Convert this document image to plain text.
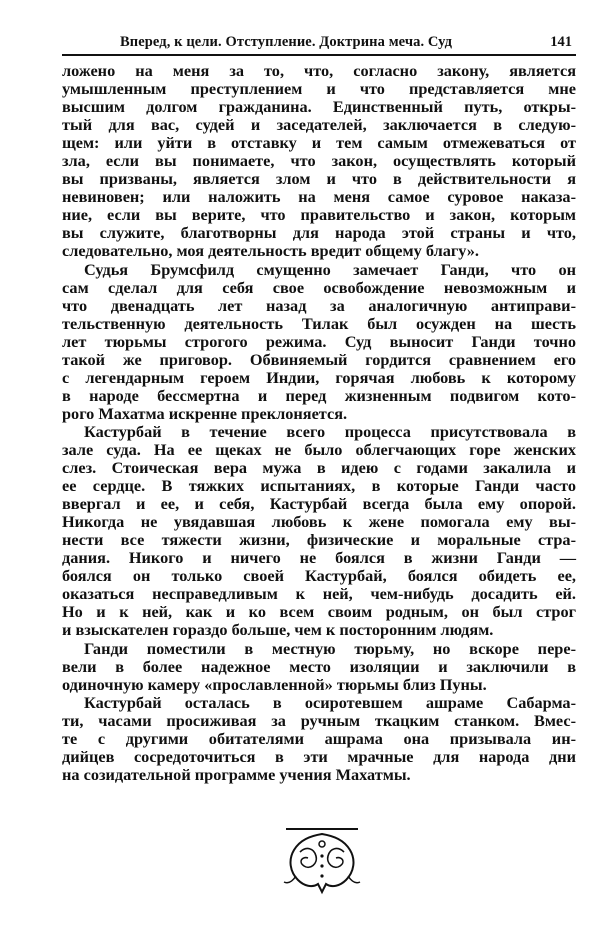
Вперед, к цели. Отступление. Доктрина меча. Суд	141
ложено на меня за то, что, согласно закону, является
умышленным преступлением и что представляется мне
высшим долгом гражданина. Единственный путь, откры-
тый для вас, судей и заседателей, заключается в следую-
щем: или уйти в отставку и тем самым отмежеваться от
зла, если вы понимаете, что закон, осуществлять который
вы призваны, является злом и что в действительности я
невиновен; или наложить на меня самое суровое наказа-
ние, если вы верите, что правительство и закон, которым
вы служите, благотворны для народа этой страны и что,
следовательно, моя деятельность вредит общему благу».
Судья Брумсфилд смущенно замечает Ганди, что он
сам сделал для себя свое освобождение невозможным и
что двенадцать лет назад за аналогичную антиправи-
тельственную деятельность Тилак был осужден на шесть
лет тюрьмы строгого режима. Суд выносит Ганди точно
такой же приговор. Обвиняемый гордится сравнением его
с легендарным героем Индии, горячая любовь к которому
в народе бессмертна и перед жизненным подвигом кото-
рого Махатма искренне преклоняется.
Кастурбай в течение всего процесса присутствовала в
зале суда. На ее щеках не было облегчающих горе женских
слез. Стоическая вера мужа в идею с годами закалила и
ее сердце. В тяжких испытаниях, в которые Ганди часто
ввергал и ее, и себя, Кастурбай всегда была ему опорой.
Никогда не увядавшая любовь к жене помогала ему вы-
нести все тяжести жизни, физические и моральные стра-
дания. Никого и ничего не боялся в жизни Ганди —
боялся он только своей Кастурбай, боялся обидеть ее,
оказаться несправедливым к ней, чем-нибудь досадить ей.
Но и к ней, как и ко всем своим родным, он был строг
и взыскателен гораздо больше, чем к посторонним людям.
Ганди поместили в местную тюрьму, но вскоре пере-
вели в более надежное место изоляции и заключили в
одиночную камеру «прославленной» тюрьмы близ Пуны.
Кастурбай осталась в осиротевшем ашраме Сабарма-
ти, часами просиживая за ручным ткацким станком. Вмес-
те с другими обитателями ашрама она призывала ин-
дийцев сосредоточиться в эти мрачные для народа дни
на созидательной программе учения Махатмы.
